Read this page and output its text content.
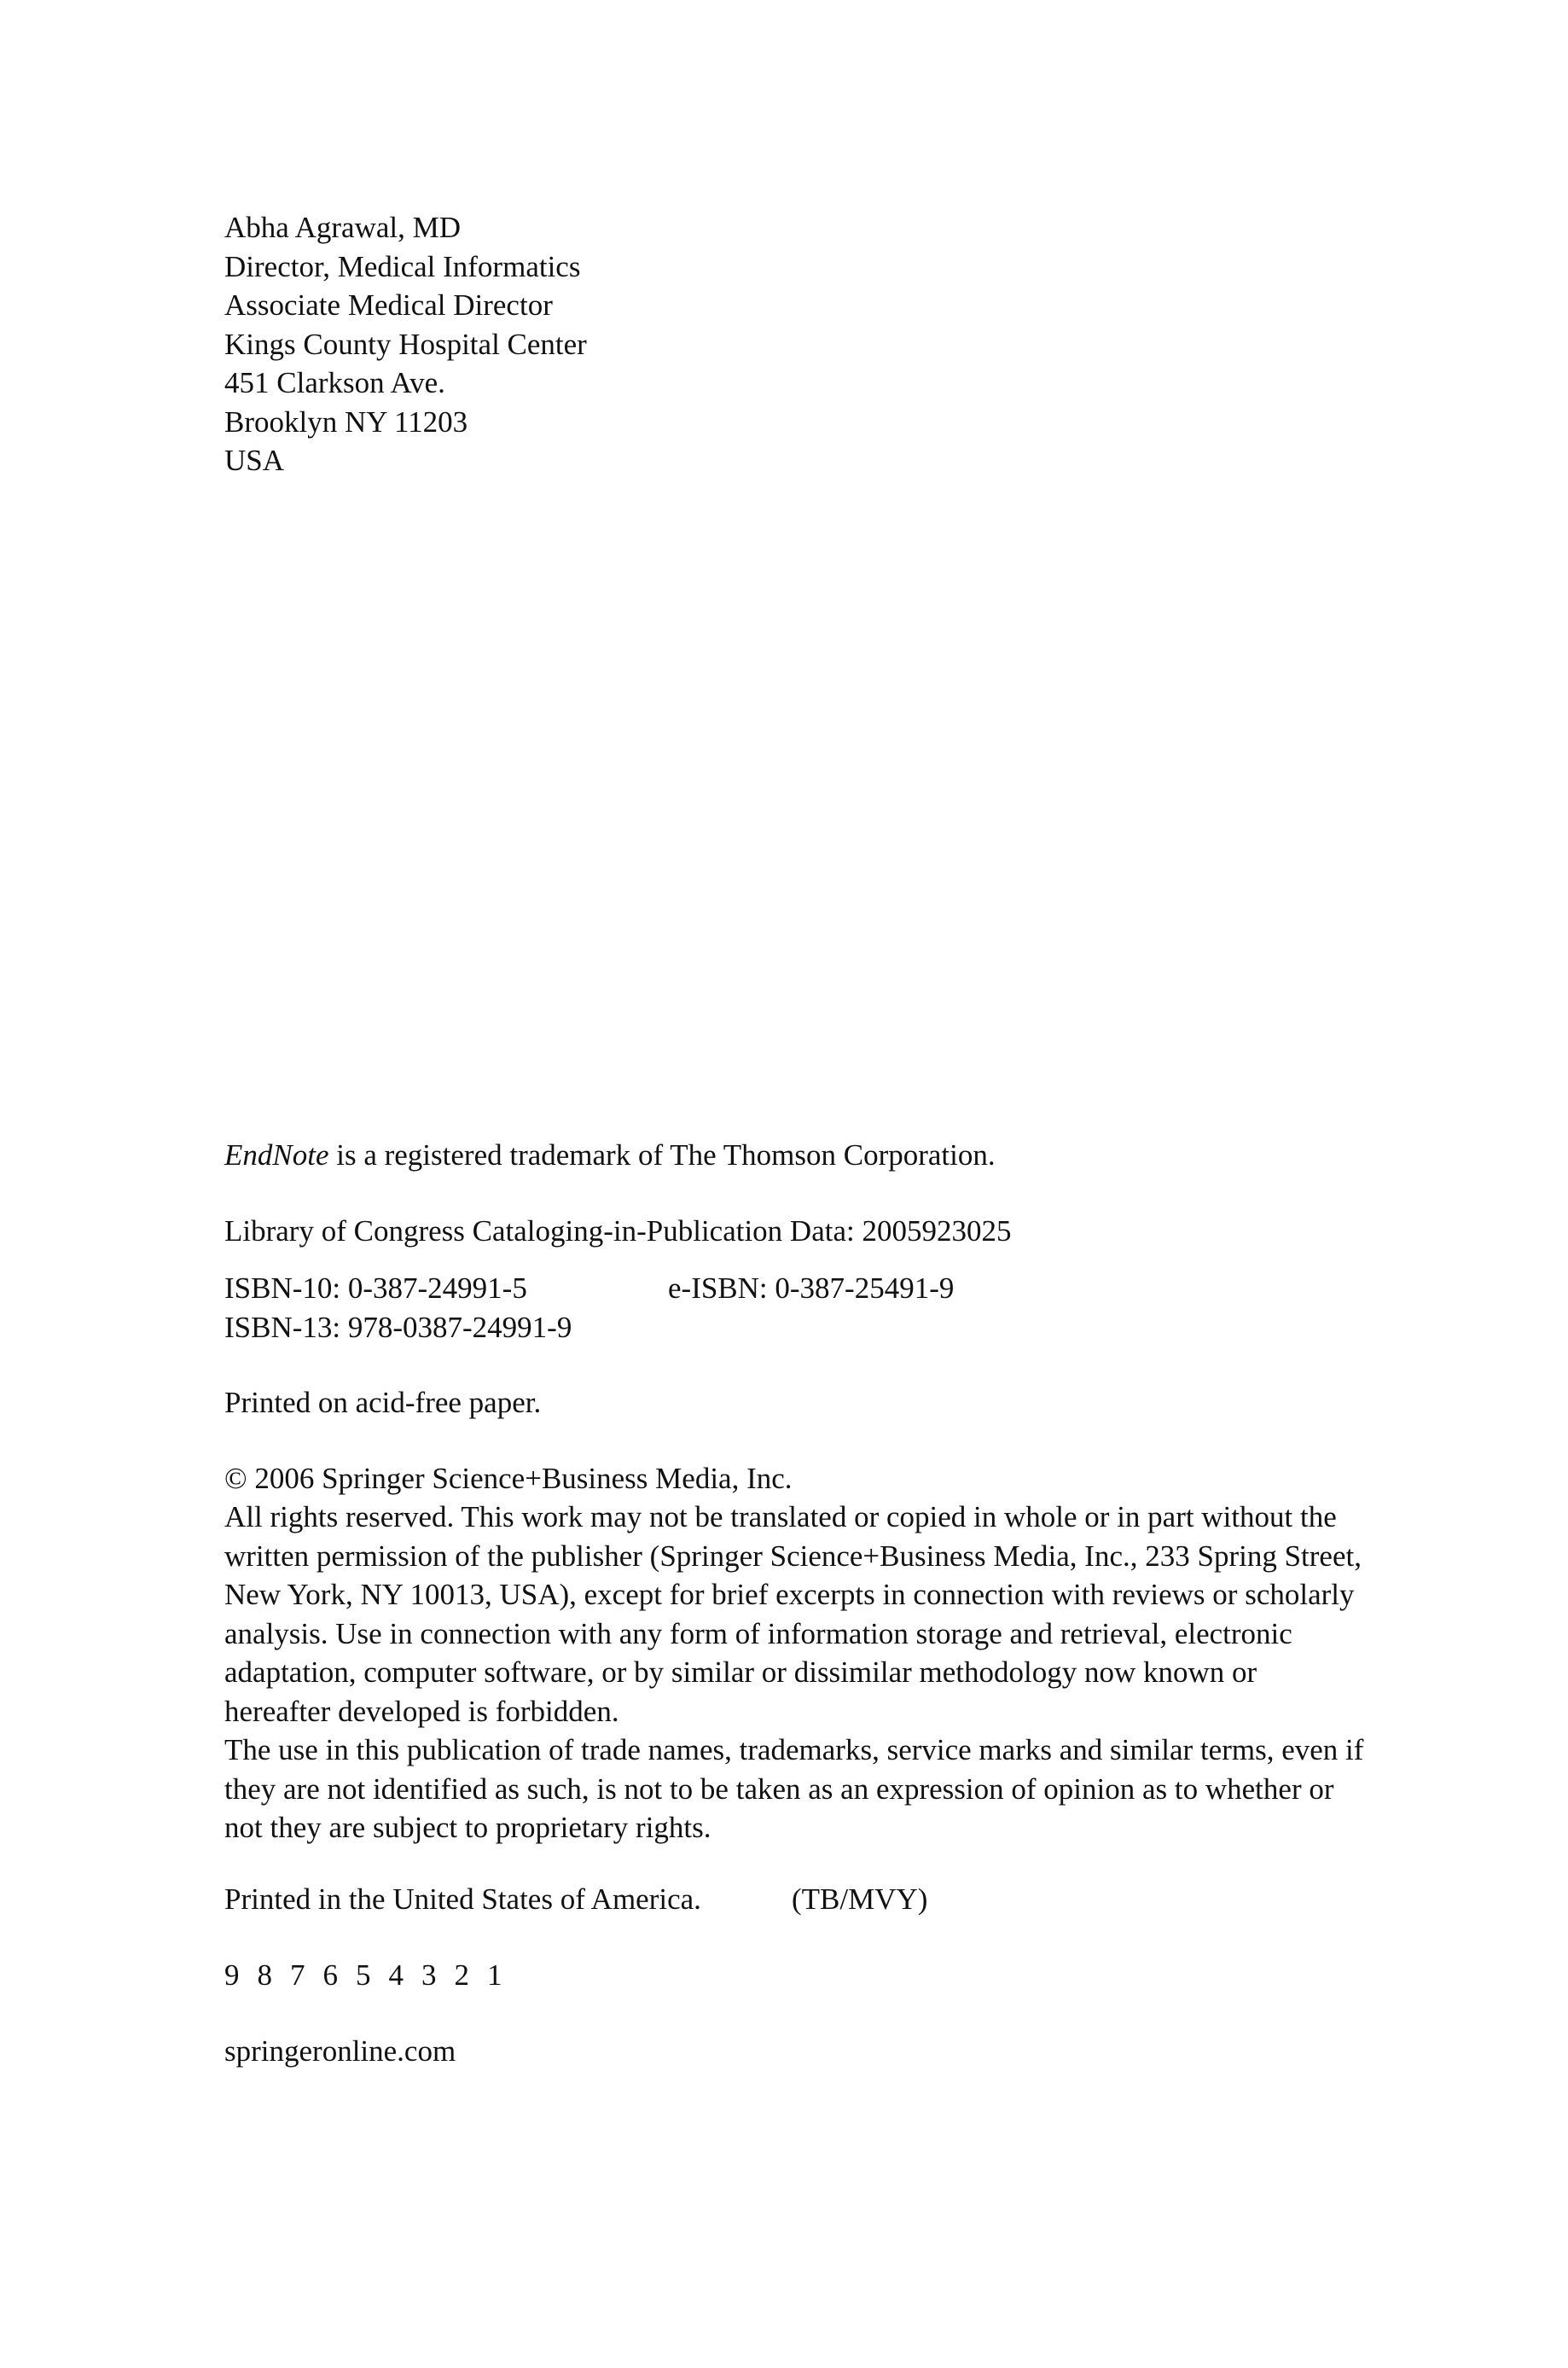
Abha Agrawal, MD
Director, Medical Informatics
Associate Medical Director
Kings County Hospital Center
451 Clarkson Ave.
Brooklyn NY 11203
USA
EndNote is a registered trademark of The Thomson Corporation.
Library of Congress Cataloging-in-Publication Data: 2005923025
ISBN-10: 0-387-24991-5	e-ISBN: 0-387-25491-9
ISBN-13: 978-0387-24991-9
Printed on acid-free paper.
© 2006 Springer Science+Business Media, Inc.

All rights reserved. This work may not be translated or copied in whole or in part without the written permission of the publisher (Springer Science+Business Media, Inc., 233 Spring Street, New York, NY 10013, USA), except for brief excerpts in connection with reviews or scholarly analysis. Use in connection with any form of information storage and retrieval, electronic adaptation, computer software, or by similar or dissimilar methodology now known or hereafter developed is forbidden.

The use in this publication of trade names, trademarks, service marks and similar terms, even if they are not identified as such, is not to be taken as an expression of opinion as to whether or not they are subject to proprietary rights.

Printed in the United States of America.	(TB/MVY)
9 8 7 6 5 4 3 2 1
springeronline.com
